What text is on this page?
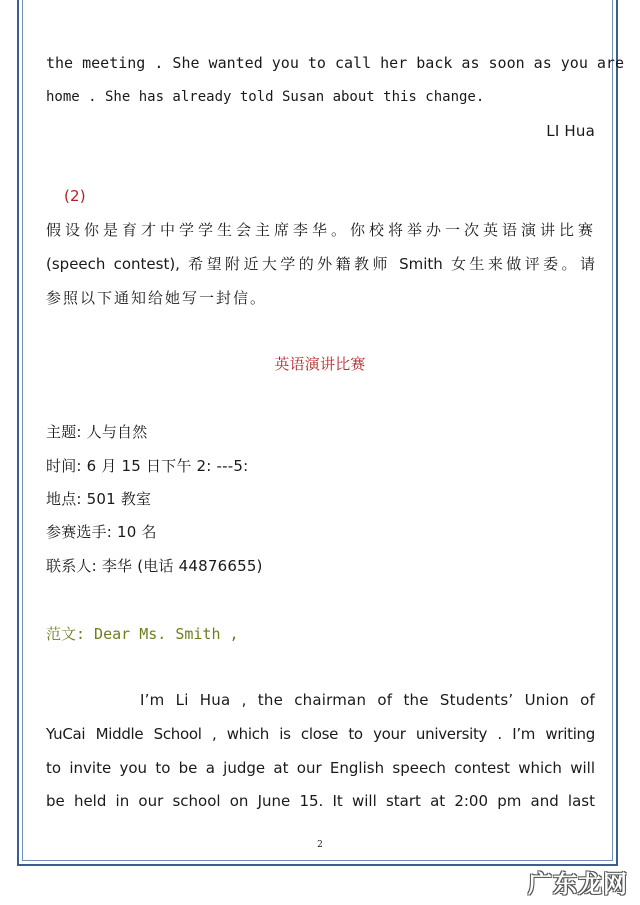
the meeting . She wanted you to call her back as soon as you are
home . She has already told Susan about this change.
LI Hua
(2)
假设你是育才中学学生会主席李华。你校将举办一次英语演讲比赛
(speech contest), 希望附近大学的外籍教师 Smith 女生来做评委。请
参照以下通知给她写一封信。
英语演讲比赛
主题: 人与自然
时间: 6 月 15 日下午 2: ---5:
地点: 501 教室
参赛选手: 10 名
联系人: 李华 (电话 44876655)
范文: Dear Ms. Smith ,
I’m Li Hua , the chairman of the Students’ Union of
YuCai Middle School , which is close to your university . I’m writing
to invite you to be a judge at our English speech contest which will
be held in our school on June 15. It will start at 2:00 pm and last
2
广东龙网
